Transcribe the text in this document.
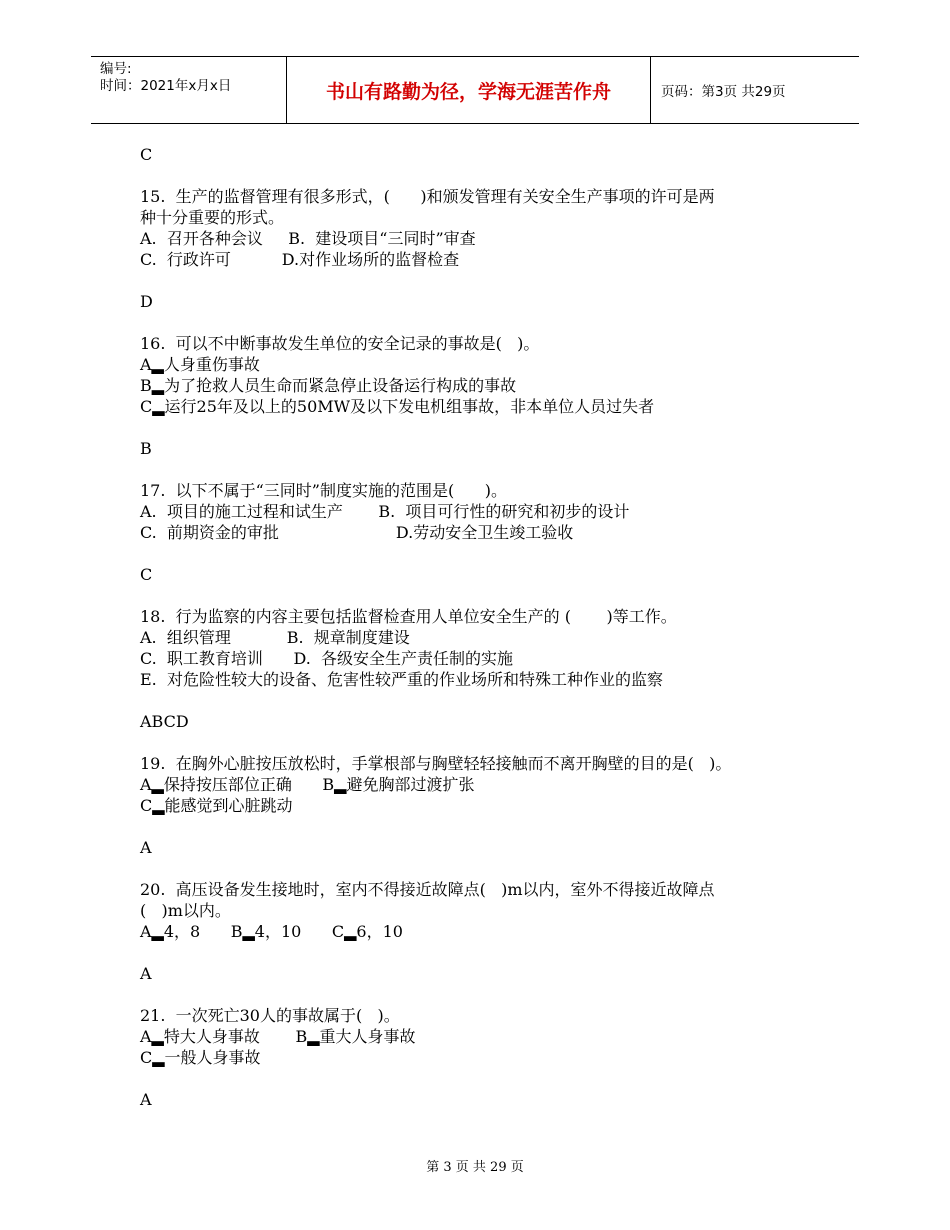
编号:
时间：2021年x月x日	书山有路勤为径，学海无涯苦作舟	页码：第3页 共29页
C
15.  生产的监督管理有很多形式，(      )和颁发管理有关安全生产事项的许可是两
种十分重要的形式。
A.  召开各种会议     B.  建设项目“三同时”审查
C.  行政许可          D.对作业场所的监督检查
D
16.  可以不中断事故发生单位的安全记录的事故是(   )。
A▂人身重伤事故
B▂为了抢救人员生命而紧急停止设备运行构成的事故
C▂运行25年及以上的50MW及以下发电机组事故，非本单位人员过失者
B
17.  以下不属于“三同时”制度实施的范围是(      )。
A.  项目的施工过程和试生产       B.  项目可行性的研究和初步的设计
C.  前期资金的审批                       D.劳动安全卫生竣工验收
C
18.  行为监察的内容主要包括监督检查用人单位安全生产的 (       )等工作。
A.  组织管理           B.  规章制度建设
C.  职工教育培训      D.  各级安全生产责任制的实施
E.  对危险性较大的设备、危害性较严重的作业场所和特殊工种作业的监察
ABCD
19.  在胸外心脏按压放松时，手掌根部与胸壁轻轻接触而不离开胸壁的目的是(   )。
A▂保持按压部位正确      B▂避免胸部过渡扩张
C▂能感觉到心脏跳动
A
20.  高压设备发生接地时，室内不得接近故障点(   )m以内，室外不得接近故障点
(   )m以内。
A▂4，8      B▂4，10      C▂6，10
A
21.  一次死亡30人的事故属于(   )。
A▂特大人身事故       B▂重大人身事故
C▂一般人身事故
A
第 3 页 共 29 页
